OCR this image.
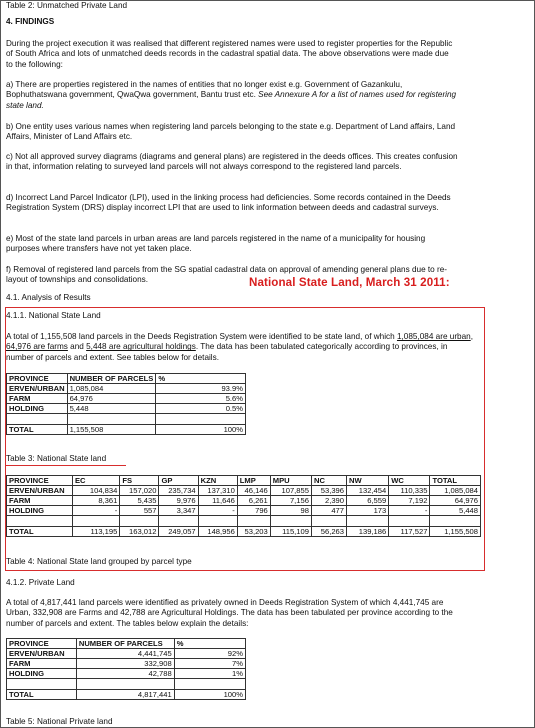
Table 2: Unmatched Private Land
4. FINDINGS
During the project execution it was realised that different registered names were used to register properties for the Republic of South Africa and lots of unmatched deeds records in the cadastral spatial data. The above observations were made due to the following:
a) There are properties registered in the names of entities that no longer exist e.g. Government of Gazankulu, Bophuthatswana government, QwaQwa government, Bantu trust etc. See Annexure A for a list of names used for registering state land.
b) One entity uses various names when registering land parcels belonging to the state e.g. Department of Land affairs, Land Affairs, Minister of Land Affairs etc.
c) Not all approved survey diagrams (diagrams and general plans) are registered in the deeds offices. This creates confusion in that, information relating to surveyed land parcels will not always correspond to the registered land parcels.
d) Incorrect Land Parcel Indicator (LPI), used in the linking process had deficiencies. Some records contained in the Deeds Registration System (DRS) display incorrect LPI that are used to link information between deeds and cadastral surveys.
e) Most of the state land parcels in urban areas are land parcels registered in the name of a municipality for housing purposes where transfers have not yet taken place.
f) Removal of registered land parcels from the SG spatial cadastral data on approval of amending general plans due to re-layout of townships and consolidations.	National State Land, March 31 2011:
4.1. Analysis of Results
4.1.1. National State Land
A total of 1,155,508 land parcels in the Deeds Registration System were identified to be state land, of which 1,085,084 are urban, 64,976 are farms and 5,448 are agricultural holdings. The data has been tabulated categorically according to provinces, in number of parcels and extent. See tables below for details.
PROVINCE	NUMBER OF PARCELS	%
ERVEN/URBAN	1,085,084	93.9%
FARM	64,976	5.6%
HOLDING	5,448	0.5%

TOTAL	1,155,508	100%
Table 3: National State land
PROVINCE	EC	FS	GP	KZN	LMP	MPU	NC	NW	WC	TOTAL
ERVEN/URBAN	104,834	157,020	235,734	137,310	46,146	107,855	53,396	132,454	110,335	1,085,084
FARM	8,361	5,435	9,976	11,646	6,261	7,156	2,390	6,559	7,192	64,976
HOLDING	-	557	3,347	-	796	98	477	173	-	5,448

TOTAL	113,195	163,012	249,057	148,956	53,203	115,109	56,263	139,186	117,527	1,155,508
Table 4: National State land grouped by parcel type
4.1.2. Private Land
A total of 4,817,441 land parcels were identified as privately owned in Deeds Registration System of which 4,441,745 are Urban, 332,908 are Farms and 42,788 are Agricultural Holdings. The data has been tabulated per province according to the number of parcels and extent. The tables below explain the details:
PROVINCE	NUMBER OF PARCELS	%
ERVEN/URBAN	4,441,745	92%
FARM	332,908	7%
HOLDING	42,788	1%

TOTAL	4,817,441	100%
Table 5: National Private land
